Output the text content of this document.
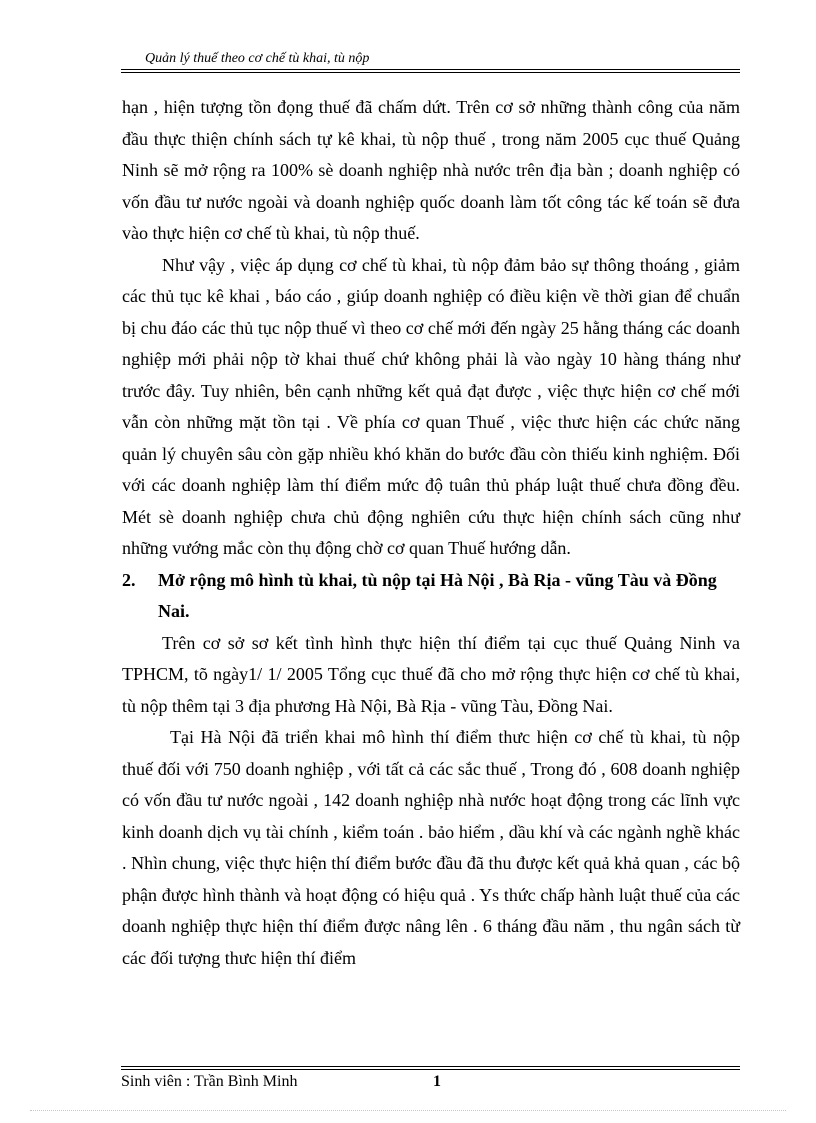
Quản lý thuế theo cơ chế tù khai, tù nộp

hạn , hiện tượng tồn đọng thuế đã chấm dứt. Trên cơ sở những thành công của năm đầu thực thiện chính sách tự kê khai, tù nộp thuế , trong năm 2005 cục thuế Quảng Ninh sẽ mở rộng ra 100% sè doanh nghiệp nhà nước trên địa bàn ; doanh nghiệp có vốn đầu tư nước ngoài và doanh nghiệp quốc doanh làm tốt công tác kế toán sẽ đưa vào thực hiện cơ chế tù khai, tù nộp thuế.

Như vậy , việc áp dụng cơ chế tù khai, tù nộp đảm bảo sự thông thoáng , giảm các thủ tục kê khai , báo cáo , giúp doanh nghiệp có điều kiện về thời gian để chuẩn bị chu đáo các thủ tục nộp thuế vì theo cơ chế mới đến ngày 25 hằng tháng các doanh nghiệp mới phải nộp tờ khai thuế chứ không phải là vào ngày 10 hàng tháng như trước đây. Tuy nhiên, bên cạnh những kết quả đạt được , việc thực hiện cơ chế mới vẫn còn những mặt tồn tại . Về phía cơ quan Thuế , việc thưc hiện các chức năng quản lý chuyên sâu còn gặp nhiều khó khăn do bước đầu còn thiếu kinh nghiệm. Đối với các doanh nghiệp làm thí điểm mức độ tuân thủ pháp luật thuế chưa đồng đều. Mét sè doanh nghiệp chưa chủ động nghiên cứu thực hiện chính sách cũng như những vướng mắc còn thụ động chờ cơ quan Thuế hướng dẫn.

2.	Mở rộng mô hình tù khai, tù nộp tại Hà Nội , Bà Rịa - vũng Tàu và Đồng Nai.

Trên cơ sở sơ kết tình hình thực hiện thí điểm tại cục thuế Quảng Ninh va TPHCM, tõ ngày1/ 1/ 2005 Tổng cục thuế đã cho mở rộng thực hiện cơ chế tù khai, tù nộp thêm tại 3 địa phương Hà Nội, Bà Rịa - vũng Tàu, Đồng Nai.

Tại Hà Nội đã triển khai mô hình thí điểm thưc hiện cơ chế tù khai, tù nộp thuế đối với 750 doanh nghiệp , với tất cả các sắc thuế , Trong đó , 608 doanh nghiệp có vốn đầu tư nước ngoài , 142 doanh nghiệp nhà nước hoạt động trong các lĩnh vực kinh doanh dịch vụ tài chính , kiểm toán . bảo hiểm , dầu khí và các ngành nghề khác . Nhìn chung, việc thực hiện thí điểm bước đầu đã thu được kết quả khả quan , các bộ phận được hình thành và hoạt động có hiệu quả . Ys thức chấp hành luật thuế của các doanh nghiệp thực hiện thí điểm được nâng lên . 6 tháng đầu năm , thu ngân sách từ các đối tượng thưc hiện thí điểm

Sinh viên : Trần Bình Minh	1
